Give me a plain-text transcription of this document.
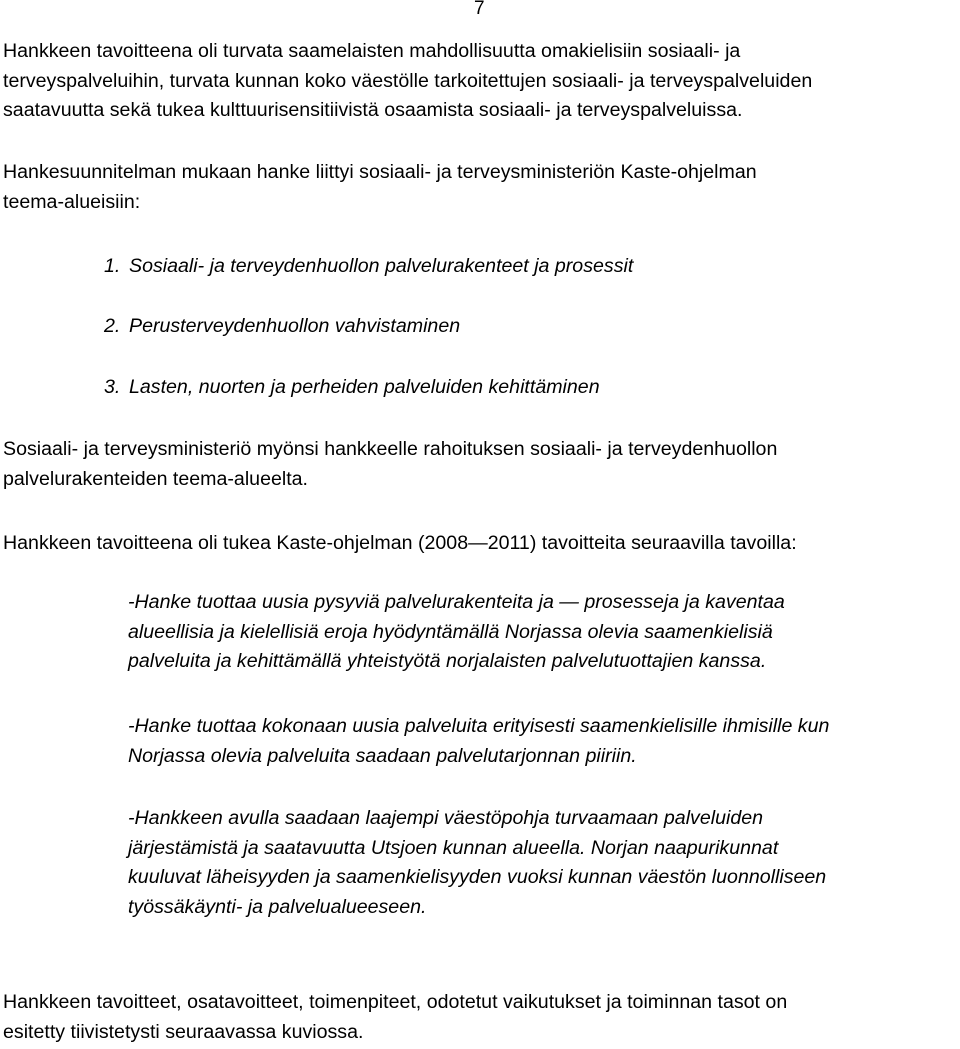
7

Hankkeen tavoitteena oli turvata saamelaisten mahdollisuutta omakielisiin sosiaali- ja
terveyspalveluihin, turvata kunnan koko väestölle tarkoitettujen sosiaali- ja terveyspalveluiden
saatavuutta sekä tukea kulttuurisensitiivistä osaamista sosiaali- ja terveyspalveluissa.

Hankesuunnitelman mukaan hanke liittyi sosiaali- ja terveysministeriön Kaste-ohjelman
teema-alueisiin:

1. Sosiaali- ja terveydenhuollon palvelurakenteet ja prosessit
2. Perusterveydenhuollon vahvistaminen
3. Lasten, nuorten ja perheiden palveluiden kehittäminen

Sosiaali- ja terveysministeriö myönsi hankkeelle rahoituksen sosiaali- ja terveydenhuollon
palvelurakenteiden teema-alueelta.

Hankkeen tavoitteena oli tukea Kaste-ohjelman (2008—2011) tavoitteita seuraavilla tavoilla:

-Hanke tuottaa uusia pysyviä palvelurakenteita ja — prosesseja ja kaventaa
alueellisia ja kielellisiä eroja hyödyntämällä Norjassa olevia saamenkielisiä
palveluita ja kehittämällä yhteistyötä norjalaisten palvelutuottajien kanssa.

-Hanke tuottaa kokonaan uusia palveluita erityisesti saamenkielisille ihmisille kun
Norjassa olevia palveluita saadaan palvelutarjonnan piiriin.

-Hankkeen avulla saadaan laajempi väestöpohja turvaamaan palveluiden
järjestämistä ja saatavuutta Utsjoen kunnan alueella. Norjan naapurikunnat
kuuluvat läheisyyden ja saamenkielisyyden vuoksi kunnan väestön luonnolliseen
työssäkäynti- ja palvelualueeseen.

Hankkeen tavoitteet, osatavoitteet, toimenpiteet, odotetut vaikutukset ja toiminnan tasot on
esitetty tiivistetysti seuraavassa kuviossa.
